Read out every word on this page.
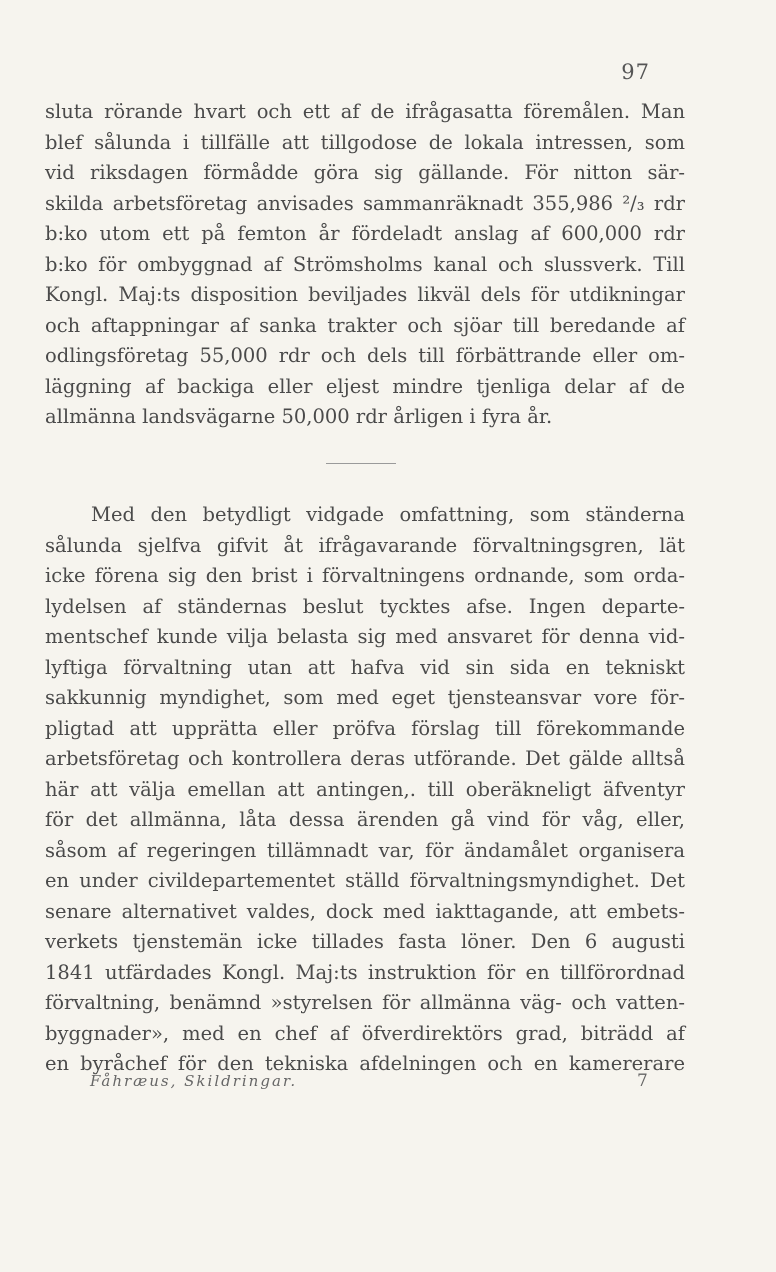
97
sluta rörande hvart och ett af de ifrågasatta föremålen. Man
blef sålunda i tillfälle att tillgodose de lokala intressen, som
vid riksdagen förmådde göra sig gällande. För nitton sär-
skilda arbetsföretag anvisades sammanräknadt 355,986 ²/₃ rdr
b:ko utom ett på femton år fördeladt anslag af 600,000 rdr
b:ko för ombyggnad af Strömsholms kanal och slussverk. Till
Kongl. Maj:ts disposition beviljades likväl dels för utdikningar
och aftappningar af sanka trakter och sjöar till beredande af
odlingsföretag 55,000 rdr och dels till förbättrande eller om-
läggning af backiga eller eljest mindre tjenliga delar af de
allmänna landsvägarne 50,000 rdr årligen i fyra år.
Med den betydligt vidgade omfattning, som ständerna
sålunda sjelfva gifvit åt ifrågavarande förvaltningsgren, lät
icke förena sig den brist i förvaltningens ordnande, som orda-
lydelsen af ständernas beslut tycktes afse. Ingen departe-
mentschef kunde vilja belasta sig med ansvaret för denna vid-
lyftiga förvaltning utan att hafva vid sin sida en tekniskt
sakkunnig myndighet, som med eget tjensteansvar vore för-
pligtad att upprätta eller pröfva förslag till förekommande
arbetsföretag och kontrollera deras utförande. Det gälde alltså
här att välja emellan att antingen,. till oberäkneligt äfventyr
för det allmänna, låta dessa ärenden gå vind för våg, eller,
såsom af regeringen tillämnadt var, för ändamålet organisera
en under civildepartementet ställd förvaltningsmyndighet. Det
senare alternativet valdes, dock med iakttagande, att embets-
verkets tjenstemän icke tillades fasta löner. Den 6 augusti
1841 utfärdades Kongl. Maj:ts instruktion för en tillförordnad
förvaltning, benämnd »styrelsen för allmänna väg- och vatten-
byggnader», med en chef af öfverdirektörs grad, biträdd af
en byråchef för den tekniska afdelningen och en kamererare
Fåhræus, Skildringar.	7
